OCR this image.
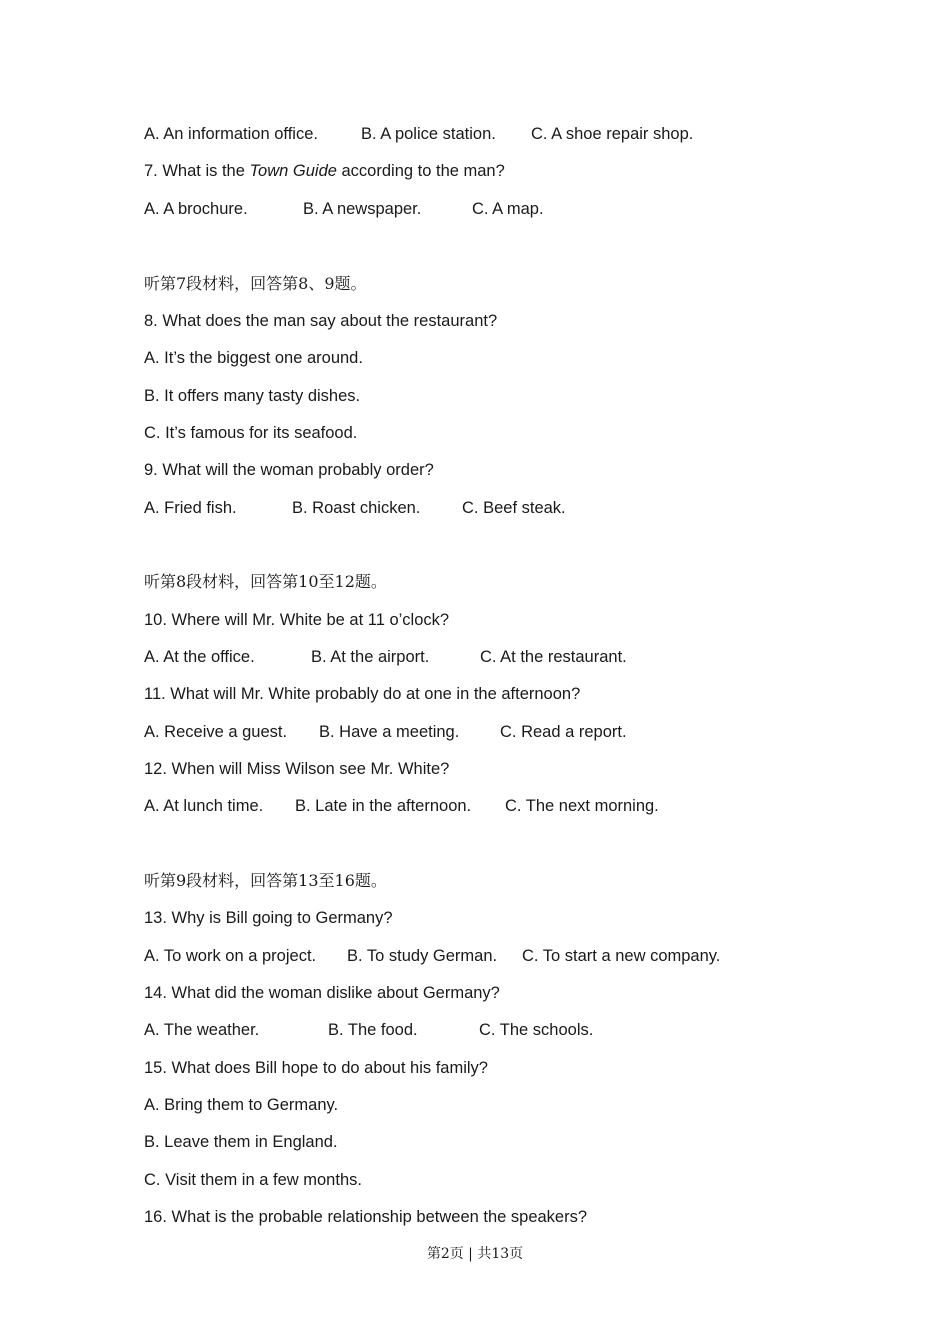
A. An information office.	B. A police station. C. A shoe repair shop.
7. What is the Town Guide according to the man?
A. A brochure.	B. A newspaper.	C. A map.
听第7段材料，回答第8、9题。
8. What does the man say about the restaurant?
A. It’s the biggest one around.
B. It offers many tasty dishes.
C. It’s famous for its seafood.
9. What will the woman probably order?
A. Fried fish.	B. Roast chicken.	C. Beef steak.
听第8段材料，回答第10至12题。
10. Where will Mr. White be at 11 o’clock?
A. At the office.	B. At the airport.	C. At the restaurant.
11. What will Mr. White probably do at one in the afternoon?
A. Receive a guest. B. Have a meeting. C. Read a report.
12. When will Miss Wilson see Mr. White?
A. At lunch time. B. Late in the afternoon. C. The next morning.
听第9段材料，回答第13至16题。
13. Why is Bill going to Germany?
A. To work on a project. B. To study German. C. To start a new company.
14. What did the woman dislike about Germany?
A. The weather.	B. The food.	C. The schools.
15. What does Bill hope to do about his family?
A. Bring them to Germany.
B. Leave them in England.
C. Visit them in a few months.
16. What is the probable relationship between the speakers?
第2页 | 共13页
